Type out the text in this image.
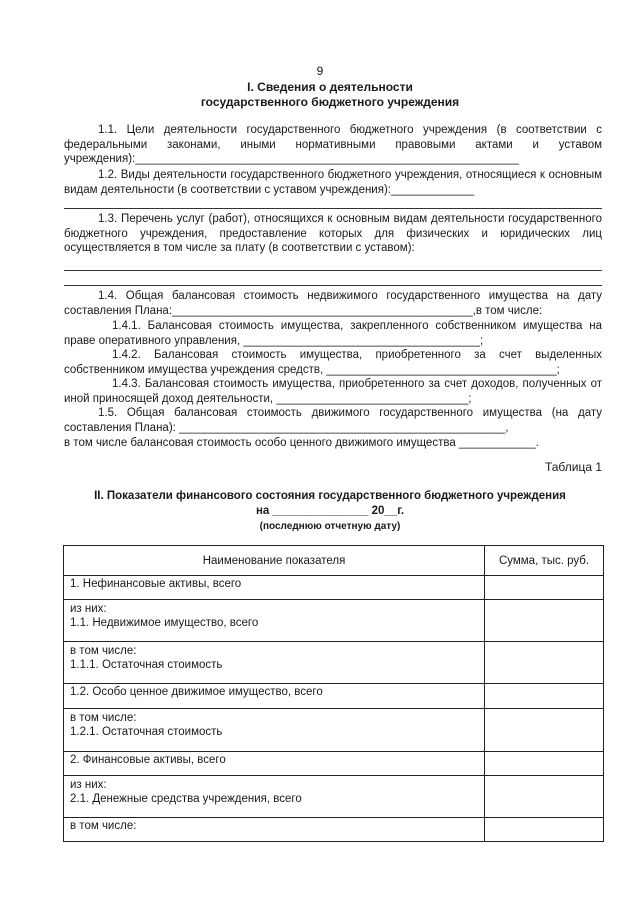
9
I. Сведения о деятельности
государственного бюджетного учреждения
1.1. Цели деятельности государственного бюджетного учреждения (в соответствии с федеральными законами, иными нормативными правовыми актами и уставом учреждения):____________________________________________________________
1.2. Виды деятельности государственного бюджетного учреждения, относящиеся к основным видам деятельности (в соответствии с уставом учреждения):_____________
1.3. Перечень услуг (работ), относящихся к основным видам деятельности государственного бюджетного учреждения, предоставление которых для физических и юридических лиц осуществляется в том числе за плату (в соответствии с уставом):
1.4. Общая балансовая стоимость недвижимого государственного имущества на дату составления Плана:_______________________________________________,в том числе:
1.4.1. Балансовая стоимость имущества, закрепленного собственником имущества на праве оперативного управления, _____________________________________;
1.4.2. Балансовая стоимость имущества, приобретенного за счет выделенных собственником имущества учреждения средств, ____________________________________;
1.4.3. Балансовая стоимость имущества, приобретенного за счет доходов, полученных от иной приносящей доход деятельности, ______________________________;
1.5. Общая балансовая стоимость движимого государственного имущества (на дату составления Плана): ___________________________________________________,
в том числе балансовая стоимость особо ценного движимого имущества ____________.
Таблица 1
II. Показатели финансового состояния государственного бюджетного учреждения
на _______________ 20__г.
(последнюю отчетную дату)
Наименование показателя	Сумма, тыс. руб.

1. Нефинансовые активы, всего	

из них:
1.1. Недвижимое имущество, всего	

в том числе:
1.1.1. Остаточная стоимость	

1.2. Особо ценное движимое имущество, всего	

в том числе:
1.2.1. Остаточная стоимость	

2. Финансовые активы, всего	

из них:
2.1. Денежные средства учреждения, всего	

в том числе:	
